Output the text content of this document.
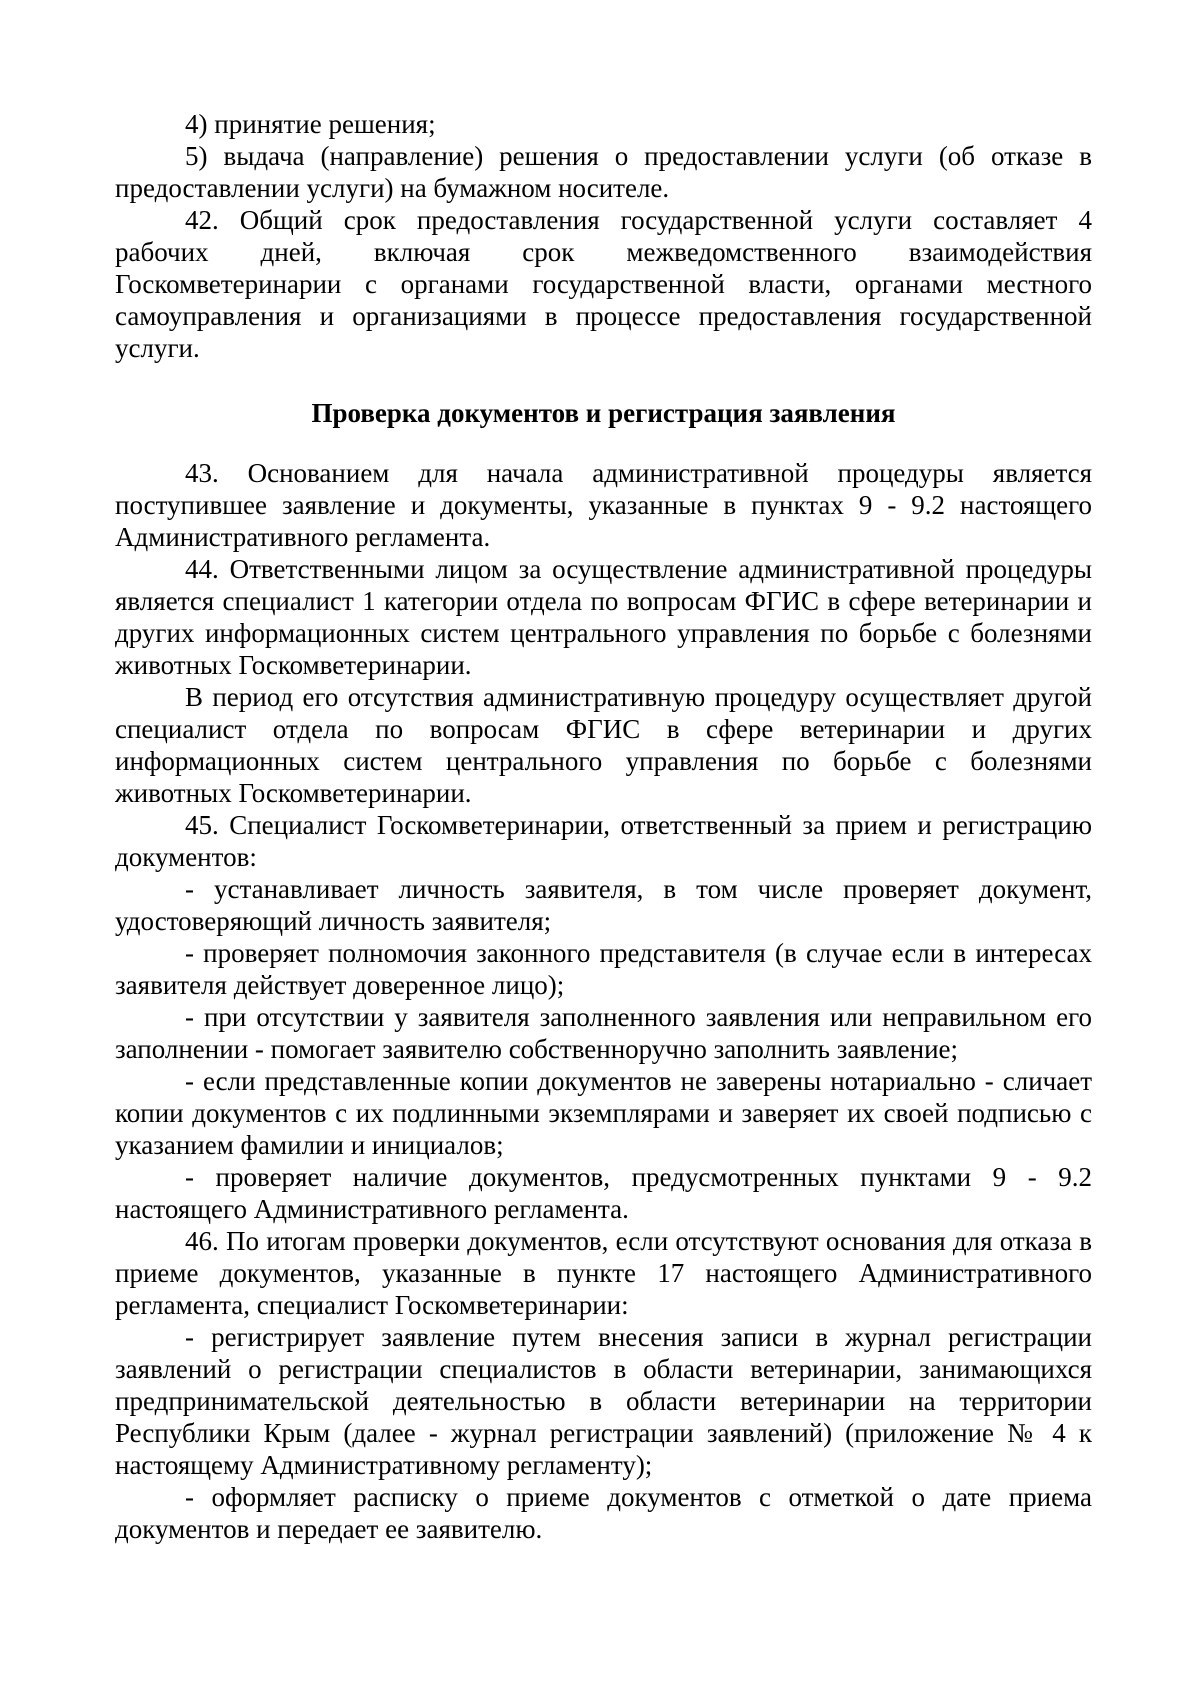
4) принятие решения;

5) выдача (направление) решения о предоставлении услуги (об отказе в предоставлении услуги) на бумажном носителе.

42. Общий срок предоставления государственной услуги составляет 4 рабочих дней, включая срок межведомственного взаимодействия Госкомветеринарии с органами государственной власти, органами местного самоуправления и организациями в процессе предоставления государственной услуги.

Проверка документов и регистрация заявления

43. Основанием для начала административной процедуры является поступившее заявление и документы, указанные в пунктах 9 - 9.2 настоящего Административного регламента.

44. Ответственными лицом за осуществление административной процедуры является специалист 1 категории отдела по вопросам ФГИС в сфере ветеринарии и других информационных систем центрального управления по борьбе с болезнями животных Госкомветеринарии.

В период его отсутствия административную процедуру осуществляет другой специалист отдела по вопросам ФГИС в сфере ветеринарии и других информационных систем центрального управления по борьбе с болезнями животных Госкомветеринарии.

45. Специалист Госкомветеринарии, ответственный за прием и регистрацию документов:

- устанавливает личность заявителя, в том числе проверяет документ, удостоверяющий личность заявителя;

- проверяет полномочия законного представителя (в случае если в интересах заявителя действует доверенное лицо);

- при отсутствии у заявителя заполненного заявления или неправильном его заполнении - помогает заявителю собственноручно заполнить заявление;

- если представленные копии документов не заверены нотариально - сличает копии документов с их подлинными экземплярами и заверяет их своей подписью с указанием фамилии и инициалов;

- проверяет наличие документов, предусмотренных пунктами 9 - 9.2 настоящего Административного регламента.

46. По итогам проверки документов, если отсутствуют основания для отказа в приеме документов, указанные в пункте 17 настоящего Административного регламента, специалист Госкомветеринарии:

- регистрирует заявление путем внесения записи в журнал регистрации заявлений о регистрации специалистов в области ветеринарии, занимающихся предпринимательской деятельностью в области ветеринарии на территории Республики Крым (далее - журнал регистрации заявлений) (приложение № 4 к настоящему Административному регламенту);

- оформляет расписку о приеме документов с отметкой о дате приема документов и передает ее заявителю.
